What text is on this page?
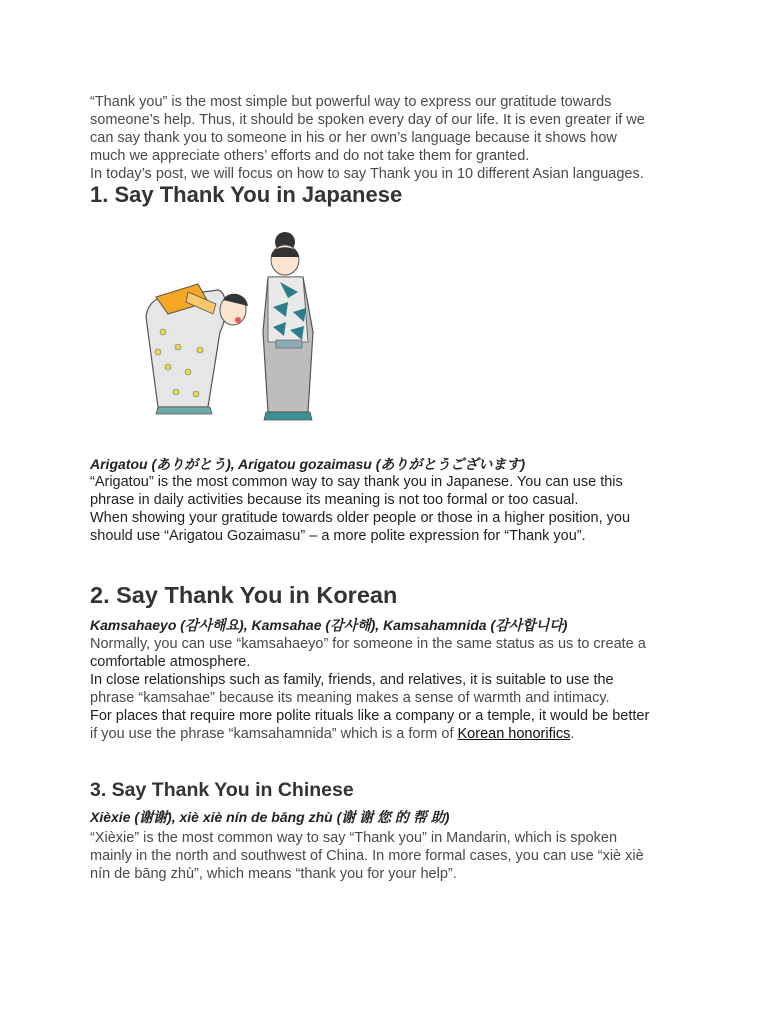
“Thank you” is the most simple but powerful way to express our gratitude towards
someone’s help. Thus, it should be spoken every day of our life. It is even greater if we
can say thank you to someone in his or her own’s language because it shows how
much we appreciate others’ efforts and do not take them for granted.
In today’s post, we will focus on how to say Thank you in 10 different Asian languages.
1. Say Thank You in Japanese

Arigatou (ありがとう), Arigatou gozaimasu (ありがとうございます)

“Arigatou” is the most common way to say thank you in Japanese. You can use this
phrase in daily activities because its meaning is not too formal or too casual.
When showing your gratitude towards older people or those in a higher position, you
should use “Arigatou Gozaimasu” – a more polite expression for “Thank you”.
2. Say Thank You in Korean

Kamsahaeyo (감사해요), Kamsahae (감사해), Kamsahamnida (감사합니다)

Normally, you can use “kamsahaeyo” for someone in the same status as us to create a
comfortable atmosphere.
In close relationships such as family, friends, and relatives, it is suitable to use the
phrase “kamsahae” because its meaning makes a sense of warmth and intimacy.
For places that require more polite rituals like a company or a temple, it would be better
if you use the phrase “kamsahamnida” which is a form of Korean honorifics.
3. Say Thank You in Chinese

Xièxie (谢谢), xiè xiè nín de bāng zhù (谢 谢 您 的 帮 助)

“Xièxie” is the most common way to say “Thank you” in Mandarin, which is spoken
mainly in the north and southwest of China. In more formal cases, you can use “xiè xiè
nín de bāng zhù”, which means “thank you for your help”.
